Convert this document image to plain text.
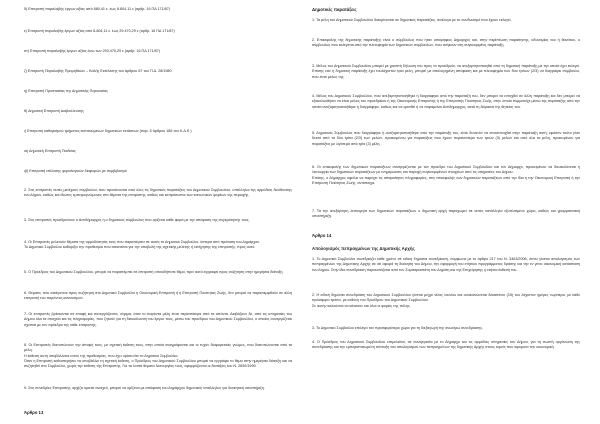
δ) Επιτροπή παραλαβής έργων αξίας από 880,41 ε. έως 8.804,11 ε (αρθρ. 16 ΠΔ 171/87)

ε) Επιτροπή παραλαβής έργων αξίας από 8.804,11 ε. έως 29.470,29 ε (αρθρ. 16 ΠΔ 171/87)

στ) Επιτροπή παραλαβής έργων αξίας άνω των 293.470,29 ε (αρθρ. 16 ΠΔ 171/87)

ζ) Επιτροπή Παραλαβής Προμηθειών – Καλής Εκτέλεσης του άρθρου 67 του Π.Δ. 28/1980

η) Επιτροπή Προστασίας της Δημοτικής Περιουσίας

θ) Δημοτική Επιτροπή Διαβούλευσης

ι) Επιτροπή καθορισμού τμήματος εκποιούμενων δημοτικών εκτάσεων (παρ. 5 άρθρου 186 του Κ.Δ.Κ.)

ια) Δημοτική Επιτροπή Παιδείας

ιβ) Επιτροπή επίλυσης φορολογικών διαφορών με συμβιβασμό

2. Στις επιτροπές αυτές μετέχουν σύμβουλοι, που προτείνονται από όλες τις δημοτικές παρατάξεις του Δημοτικού Συμβουλίου, υπάλληλοι της αρμόδιας διεύθυνσης του Δήμου, καθώς και ιδιώτες εμπειρογνώμονες στο θέματα της επιτροπής, καθώς και εκπρόσωποι των κοινωνικών φορέων της περιοχής.

3. Στις επιτροπές προεδρεύουν ο Αντιδήμαρχος ή ο δημοτικός σύμβουλος που ορίζεται κάθε φορά με την απόφαση της συγκρότησής τους.

4. Οι Επιτροπές μελετούν θέματα της αρμοδιότητάς τους που παραπέμπει σε αυτές το Δημοτικό Συμβούλιο, ύστερα από πρόταση του Δημάρχου.
Το Δημοτικό Συμβούλιο καθορίζει την προθεσμία που απαιτείται για την υποβολή της σχετικής μελέτης ή εισήγησης της επιτροπής, προς αυτό.

5. Ο Πρόεδρος του Δημοτικού Συμβουλίου, μπορεί να παραπέμπει σε επιτροπή οποιοδήποτε θέμα, πριν αυτό εγγραφεί προς συζήτηση στην ημερήσια διάταξη.

6. Θέματα, που εισάγονται προς συζήτηση στο Δημοτικό Συμβούλιο η Οικονομική Επιτροπή ή η Επιτροπή Ποιότητας Ζωής, δεν μπορεί να παραπεμφθούν σε άλλη επιτροπή του παρόντος κανονισμού.

7. Οι επιτροπές βρίσκονται σε επαφή και συνεργάζονται, νόμιμα, όταν το παρόντα μέλη είναι περισσότερα από τα απόντα. Διαβάζουν δε, από τις υπηρεσίες του Δήμου όλα τα στοιχεία και τις πληροφορίες, που ζητούν για τη διευκόλυνση του έργου τους, μέσω του προέδρου του Δημοτικού Συμβουλίου, ο οποίος συνεργάζεται σχετικά με τον πρόεδρο της κάθε επιτροπής.

8. Οι Επιτροπές διατυπώνουν την άποψή τους, με σχετική έκθεση τους, στην οποία αναγράφονται και οι τυχόν διαφορετικές γνώμες, που διατυπώνονται από τα μέλη.
Η έκθεση αυτή υποβάλλεται εντός της προθεσμίας, που έχει ορίσει είτε το Δημοτικό Συμβούλιο.
Όταν η Επιτροπή καθυστερήσει να υποβάλλει τη σχετική έκθεση, ο Πρόεδρος του Δημοτικού Συμβουλίου μπορεί να εγγράψει το θέμα στην ημερήσια διάταξη και να συζητηθεί στο Συμβούλιο, χωρίς την έκθεση της Επιτροπής. Για τα λοιπά θέματα λειτουργίας τους, εφαρμόζονται οι διατάξεις του Ν. 2690/1999.

9. Στις συνεδρίες Επιτροπής, αρχίζει κρατεί ανοιχτό, μπορεί να ορίζεται με απόφαση του Δημάρχου δημοτικός υπάλληλος για διοικητική υποστήριξη.

Άρθρο 13
Δημοτικές παρατάξεις

1. Τα μέλη του Δημοτικού Συμβουλίου διακρίνονται σε δημοτικές παρατάξεις, ανάλογα με το συνδυασμό που έχουν εκλεγεί.

2. Επικεφαλής της δημοτικής παράταξης είναι ο σύμβουλος που ήταν υποψήφιος Δήμαρχος και, στην περίπτωση παραίτησης, αδυναμίας του ή θανάτου, ο σύμβουλος που εκλέγεται από την πλειοψηφία των δημοτικών συμβούλων, που ανήκουν στη συγκεκριμένη παράταξη.

3. Μέλος του Δημοτικού Συμβουλίου μπορεί με γραπτή δήλωση του προς το προεδρείο, να ανεξαρτητοποιηθεί από τη δημοτική παράταξη με την οποία έχει εκλεγεί. Επίσης εάν η δημοτική παράταξη έχει τουλάχιστον τρία μέλη, μπορεί με απολογημένη απόφαση και με πλειοψηφία των δύο τρίτων (2/3) να διαγράψει σύμβουλο, που είναι μέλος της.

4. Μέλος του Δημοτικού Συμβουλίου, που ανεξαρτητοποιήθηκε ή διαγράφηκε από την παράταξή του, δεν μπορεί να ενταχθεί σε άλλη παράταξη και δεν μπορεί να εξακολουθήσει να είναι μέλος του προεδρείου ή της Οικονομικής Επιτροπής ή της Επιτροπής Ποιότητας Ζωής, στην οποία συμμετείχε μέσω της παράταξης από την οποία ανεξαρτητοποιήθηκε ή διαγράφηκε, καθώς και να ορισθεί ή να παραμείνει Αντιδήμαρχος, κατά τη διάρκεια της θητείας του.

5. Δημοτικός Σύμβουλος που διαγράφηκε ή ανεξαρτητοποιήθηκε από την παράταξή του, είναι δυνατόν να επανενταχθεί στην παράταξη αυτή, εφόσον τούτο γίνει δεκτό από τα δύο τρίτα (2/3) των μελών, προκειμένου για παρατάξεις που έχουν περισσότερα των τριών (3) μελών και από όλα τα μέλη, προκειμένου για παρατάξεις με λιγότερα από τρία (3) μέλη.

6. Οι επικεφαλής των δημοτικών παρατάξεων συνεργάζονται με τον πρόεδρο του Δημοτικού Συμβουλίου και τον Δήμαρχο, προκειμένου να διευκολύνεται η λειτουργία των δημοτικών παρατάξεων με ενημερώσεις και παροχή συγκεκριμένων στοιχείων από τις υπηρεσίες του Δήμου.
Επίσης, ο Δήμαρχος οφείλει να παρέχει τις απαραίτητες πληροφορίες, στις επικεφαλής των δημοτικών παρατάξεων από την ίδια ή την Οικονομική Επιτροπή ή την Επιτροπή Ποιότητας Ζωής, αντίστοιχα.

7. Τα την ανεξάρτητη λειτουργία των δημοτικών παρατάξεων ο δημοτική αρχή παραχωρεί σε αυτές κατάλληλα εξοπλισμένο χώρο, καθώς και γραμματειακή υποστήριξη.

Άρθρο 14
Απολογισμός πεπραγμένων της Δημοτικής Αρχής

1. Το Δημοτικό Συμβούλιο συνεδριάζει κάθε χρόνο σε ειδική δημόσια συνεδρίαση, σύμφωνα με το άρθρο 217 του Ν. 3463/2006, όπου γίνεται απολογισμός των πεπραγμένων της Δημοτικής Αρχής σε ότι αφορά τη διοίκηση του Δήμου, την εφαρμογή του ετήσιου προγράμματος δράσης και την εν γένει οικονομική κατάσταση του Δήμου. Στην ίδια συνεδρίαση παρουσιάζεται από τον Συμπαραστάτη του Δημότη και της Επιχείρησης η ετήσια έκθεσή του.

2. Η ειδική δημόσια συνεδρίαση του Δημοτικού Συμβουλίου γίνεται μέχρι τέλος Ιουνίου και ανακοινώνεται δεκαπέντε (15) του λάχιστον ημέρες νωρίτερα, με κάθε πρόσφορο τρόπο, με ευθύνη του Προέδρου του Δημοτικού Συμβουλίου.
Σε αυτήν καλούνται να κάτσουν και όλοι οι φορείς της πόλης.

3. Το Δημοτικό Συμβούλιο επιλέγει τον προσφορότερο χώρο για τη διεξαγωγή της ανωτέρω συνεδρίασης.

4. Ο Πρόεδρος του Δημοτικού Συμβουλίου επιμελείται, σε συνεργασία με το Δήμαρχο και τις αρμόδιες υπηρεσίες του Δήμου, για τη σωστή οργάνωση της συνεδρίασης και την εμπεριστατωμένη σύνταξη του απολογισμού των πεπραγμένων της δημοτικής Αρχής στους τομείς που αφορούν την οικονομική
